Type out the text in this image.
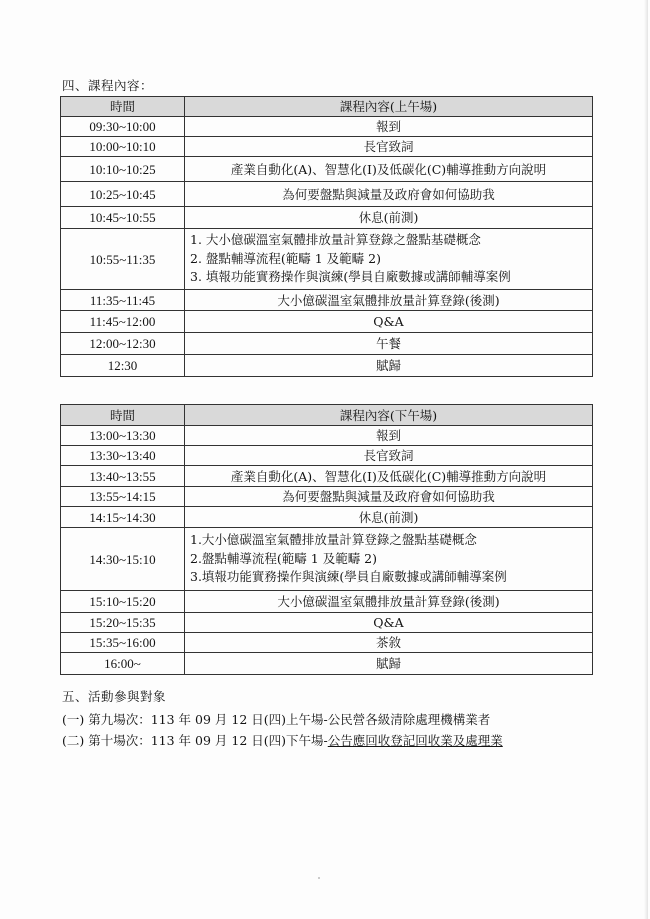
四、課程內容：
時間	課程內容(上午場)
09:30~10:00	報到
10:00~10:10	長官致詞
10:10~10:25	產業自動化(A)、智慧化(I)及低碳化(C)輔導推動方向說明
10:25~10:45	為何要盤點與減量及政府會如何協助我
10:45~10:55	休息(前測)
10:55~11:35	1. 大小億碳溫室氣體排放量計算登錄之盤點基礎概念
2. 盤點輔導流程(範疇 1 及範疇 2)
3. 填報功能實務操作與演練(學員自廠數據或講師輔導案例

11:35~11:45	大小億碳溫室氣體排放量計算登錄(後測)
11:45~12:00	Q&A
12:00~12:30	午餐
12:30	賦歸
時間	課程內容(下午場)
13:00~13:30	報到
13:30~13:40	長官致詞
13:40~13:55	產業自動化(A)、智慧化(I)及低碳化(C)輔導推動方向說明
13:55~14:15	為何要盤點與減量及政府會如何協助我
14:15~14:30	休息(前測)
14:30~15:10	1.大小億碳溫室氣體排放量計算登錄之盤點基礎概念
2.盤點輔導流程(範疇 1 及範疇 2)
3.填報功能實務操作與演練(學員自廠數據或講師輔導案例

15:10~15:20	大小億碳溫室氣體排放量計算登錄(後測)
15:20~15:35	Q&A
15:35~16:00	茶敘
16:00~	賦歸
五、活動參與對象
(一) 第九場次：113 年 09 月 12 日(四)上午場-公民營各級清除處理機構業者
(二) 第十場次：113 年 09 月 12 日(四)下午場-公告應回收登記回收業及處理業
